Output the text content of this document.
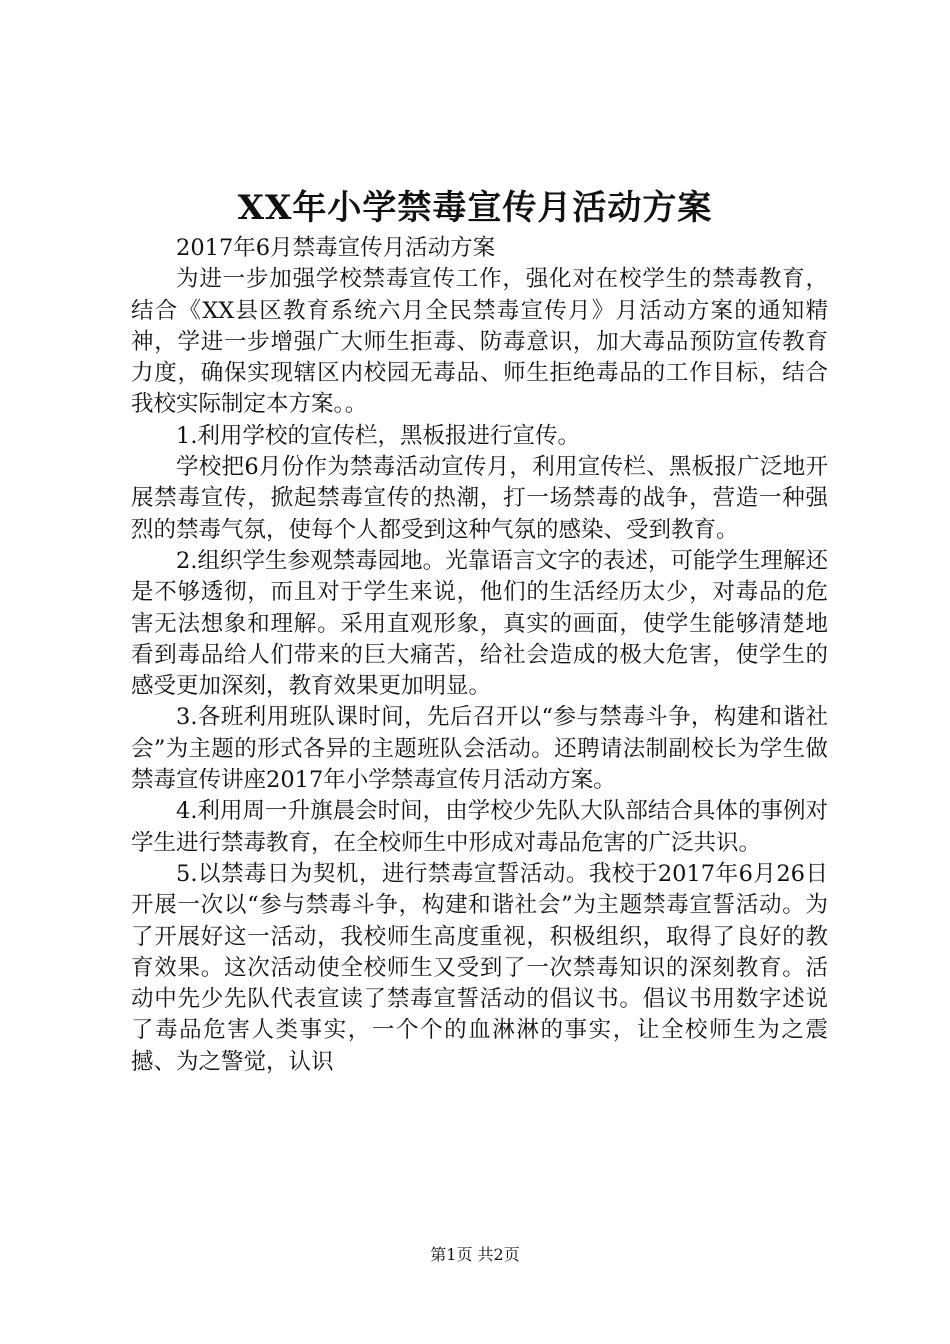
XX年小学禁毒宣传月活动方案

2017年6月禁毒宣传月活动方案

为进一步加强学校禁毒宣传工作，强化对在校学生的禁毒教育，结合《XX县区教育系统六月全民禁毒宣传月》月活动方案的通知精神，学进一步增强广大师生拒毒、防毒意识，加大毒品预防宣传教育力度，确保实现辖区内校园无毒品、师生拒绝毒品的工作目标，结合我校实际制定本方案。。

1.利用学校的宣传栏，黑板报进行宣传。

学校把6月份作为禁毒活动宣传月，利用宣传栏、黑板报广泛地开展禁毒宣传，掀起禁毒宣传的热潮，打一场禁毒的战争，营造一种强烈的禁毒气氛，使每个人都受到这种气氛的感染、受到教育。

2.组织学生参观禁毒园地。光靠语言文字的表述，可能学生理解还是不够透彻，而且对于学生来说，他们的生活经历太少，对毒品的危害无法想象和理解。采用直观形象，真实的画面，使学生能够清楚地看到毒品给人们带来的巨大痛苦，给社会造成的极大危害，使学生的感受更加深刻，教育效果更加明显。

3.各班利用班队课时间，先后召开以“参与禁毒斗争，构建和谐社会”为主题的形式各异的主题班队会活动。还聘请法制副校长为学生做禁毒宣传讲座2017年小学禁毒宣传月活动方案。

4.利用周一升旗晨会时间，由学校少先队大队部结合具体的事例对学生进行禁毒教育，在全校师生中形成对毒品危害的广泛共识。

5.以禁毒日为契机，进行禁毒宣誓活动。我校于2017年6月26日开展一次以“参与禁毒斗争，构建和谐社会”为主题禁毒宣誓活动。为了开展好这一活动，我校师生高度重视，积极组织，取得了良好的教育效果。这次活动使全校师生又受到了一次禁毒知识的深刻教育。活动中先少先队代表宣读了禁毒宣誓活动的倡议书。倡议书用数字述说了毒品危害人类事实，一个个的血淋淋的事实，让全校师生为之震撼、为之警觉，认识

第1页 共2页
